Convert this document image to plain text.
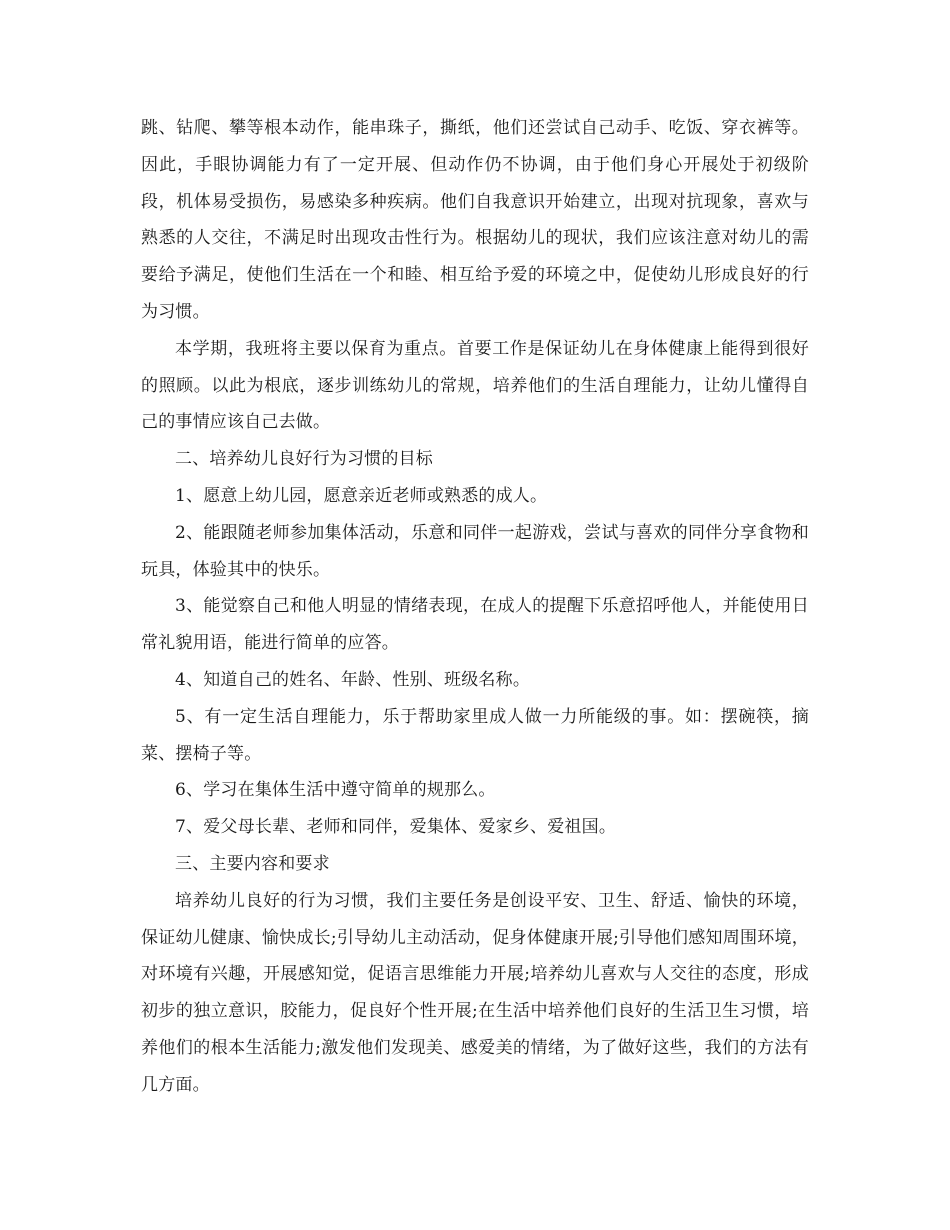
跳、钻爬、攀等根本动作，能串珠子，撕纸，他们还尝试自己动手、吃饭、穿衣裤等。因此，手眼协调能力有了一定开展、但动作仍不协调，由于他们身心开展处于初级阶段，机体易受损伤，易感染多种疾病。他们自我意识开始建立，出现对抗现象，喜欢与熟悉的人交往，不满足时出现攻击性行为。根据幼儿的现状，我们应该注意对幼儿的需要给予满足，使他们生活在一个和睦、相互给予爱的环境之中，促使幼儿形成良好的行为习惯。

本学期，我班将主要以保育为重点。首要工作是保证幼儿在身体健康上能得到很好的照顾。以此为根底，逐步训练幼儿的常规，培养他们的生活自理能力，让幼儿懂得自己的事情应该自己去做。

二、培养幼儿良好行为习惯的目标

1、愿意上幼儿园，愿意亲近老师或熟悉的成人。

2、能跟随老师参加集体活动，乐意和同伴一起游戏，尝试与喜欢的同伴分享食物和玩具，体验其中的快乐。

3、能觉察自己和他人明显的情绪表现，在成人的提醒下乐意招呼他人，并能使用日常礼貌用语，能进行简单的应答。

4、知道自己的姓名、年龄、性别、班级名称。

5、有一定生活自理能力，乐于帮助家里成人做一力所能级的事。如：摆碗筷，摘菜、摆椅子等。

6、学习在集体生活中遵守简单的规那么。

7、爱父母长辈、老师和同伴，爱集体、爱家乡、爱祖国。

三、主要内容和要求

培养幼儿良好的行为习惯，我们主要任务是创设平安、卫生、舒适、愉快的环境，保证幼儿健康、愉快成长;引导幼儿主动活动，促身体健康开展;引导他们感知周围环境，对环境有兴趣，开展感知觉，促语言思维能力开展;培养幼儿喜欢与人交往的态度，形成初步的独立意识，胶能力，促良好个性开展;在生活中培养他们良好的生活卫生习惯，培养他们的根本生活能力;激发他们发现美、感爱美的情绪，为了做好这些，我们的方法有几方面。
